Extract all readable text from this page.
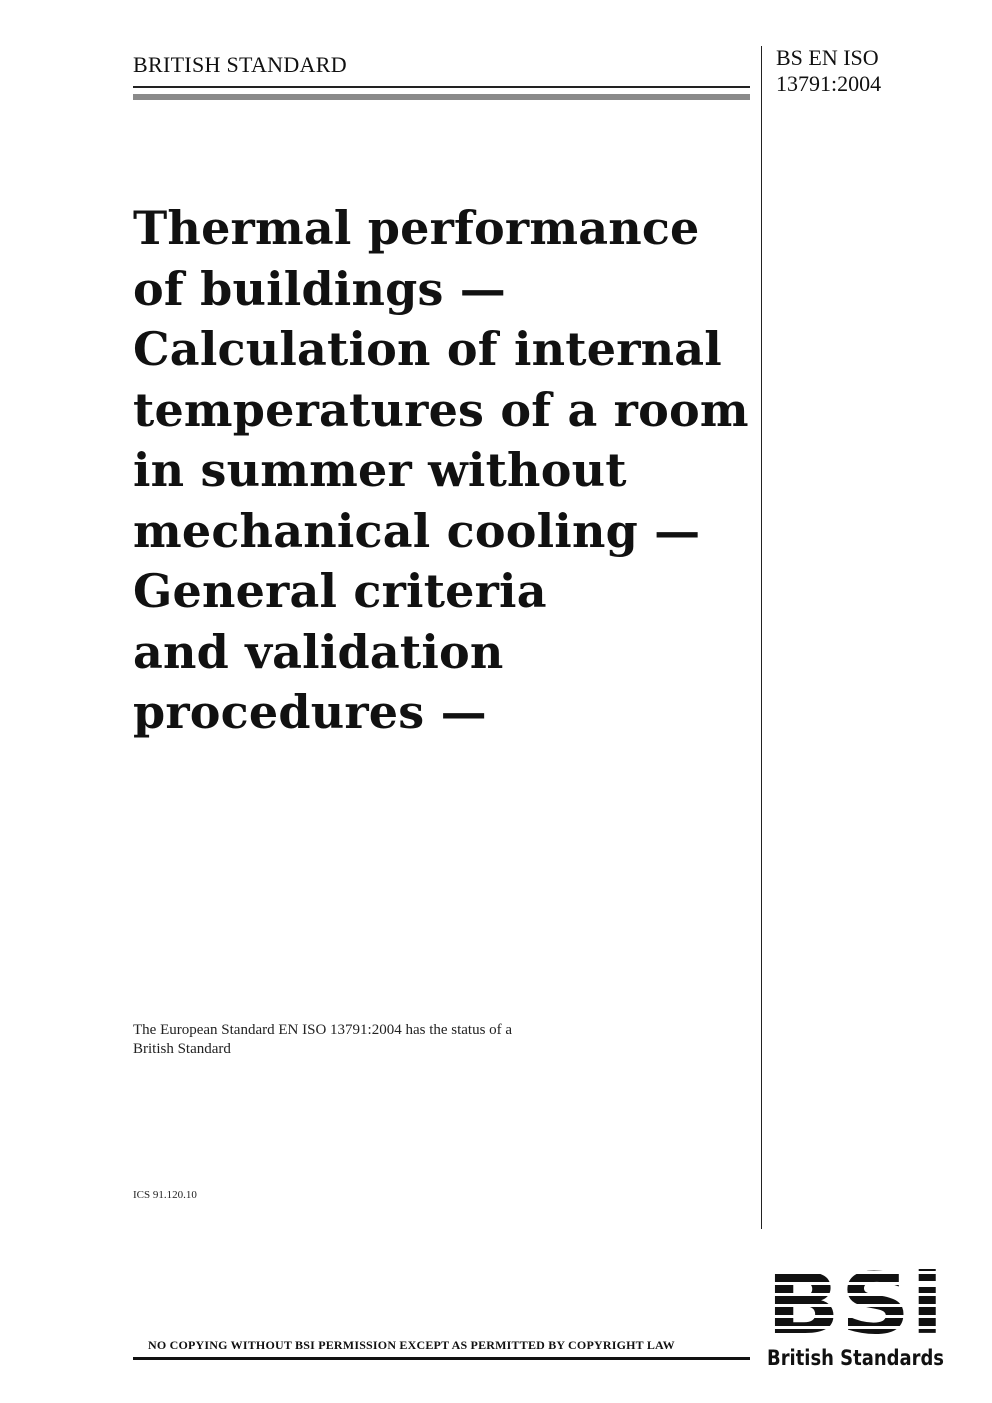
BRITISH STANDARD	BS EN ISO
13791:2004
Thermal performance
of buildings —
Calculation of internal
temperatures of a room
in summer without
mechanical cooling —
General criteria
and validation
procedures —
The European Standard EN ISO 13791:2004 has the status of a
British Standard
ICS 91.120.10
NO COPYING WITHOUT BSI PERMISSION EXCEPT AS PERMITTED BY COPYRIGHT LAW
British Standards
